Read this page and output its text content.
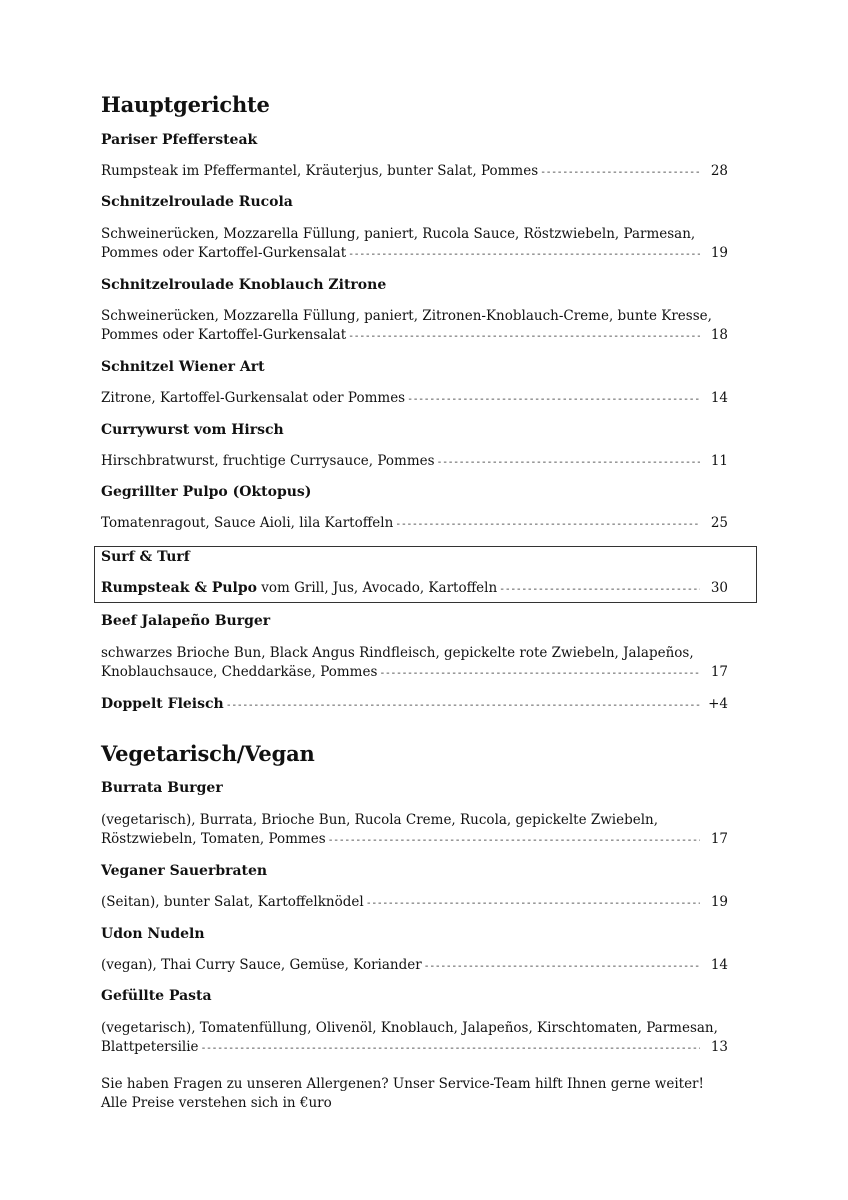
Hauptgerichte
Pariser Pfeffersteak
Rumpsteak im Pfeffermantel, Kräuterjus, bunter Salat, Pommes -----	28
Schnitzelroulade Rucola
Schweinerücken, Mozzarella Füllung, paniert, Rucola Sauce, Röstzwiebeln, Parmesan,
Pommes oder Kartoffel-Gurkensalat -----	19
Schnitzelroulade Knoblauch Zitrone
Schweinerücken, Mozzarella Füllung, paniert, Zitronen-Knoblauch-Creme, bunte Kresse,
Pommes oder Kartoffel-Gurkensalat -----	18
Schnitzel Wiener Art
Zitrone, Kartoffel-Gurkensalat oder Pommes -----	14
Currywurst vom Hirsch
Hirschbratwurst, fruchtige Currysauce, Pommes -----	11
Gegrillter Pulpo (Oktopus)
Tomatenragout, Sauce Aioli, lila Kartoffeln -----	25
Surf & Turf
Rumpsteak & Pulpo vom Grill, Jus, Avocado, Kartoffeln -----	30
Beef Jalapeño Burger
schwarzes Brioche Bun, Black Angus Rindfleisch, gepickelte rote Zwiebeln, Jalapeños,
Knoblauchsauce, Cheddarkäse, Pommes -----	17
Doppelt Fleisch -----	+4
Vegetarisch/Vegan
Burrata Burger
(vegetarisch), Burrata, Brioche Bun, Rucola Creme, Rucola, gepickelte Zwiebeln,
Röstzwiebeln, Tomaten, Pommes -----	17
Veganer Sauerbraten
(Seitan), bunter Salat, Kartoffelknödel -----	19
Udon Nudeln
(vegan), Thai Curry Sauce, Gemüse, Koriander -----	14
Gefüllte Pasta
(vegetarisch), Tomatenfüllung, Olivenöl, Knoblauch, Jalapeños, Kirschtomaten, Parmesan,
Blattpetersilie -----	13
Sie haben Fragen zu unseren Allergenen? Unser Service-Team hilft Ihnen gerne weiter!
Alle Preise verstehen sich in €uro
